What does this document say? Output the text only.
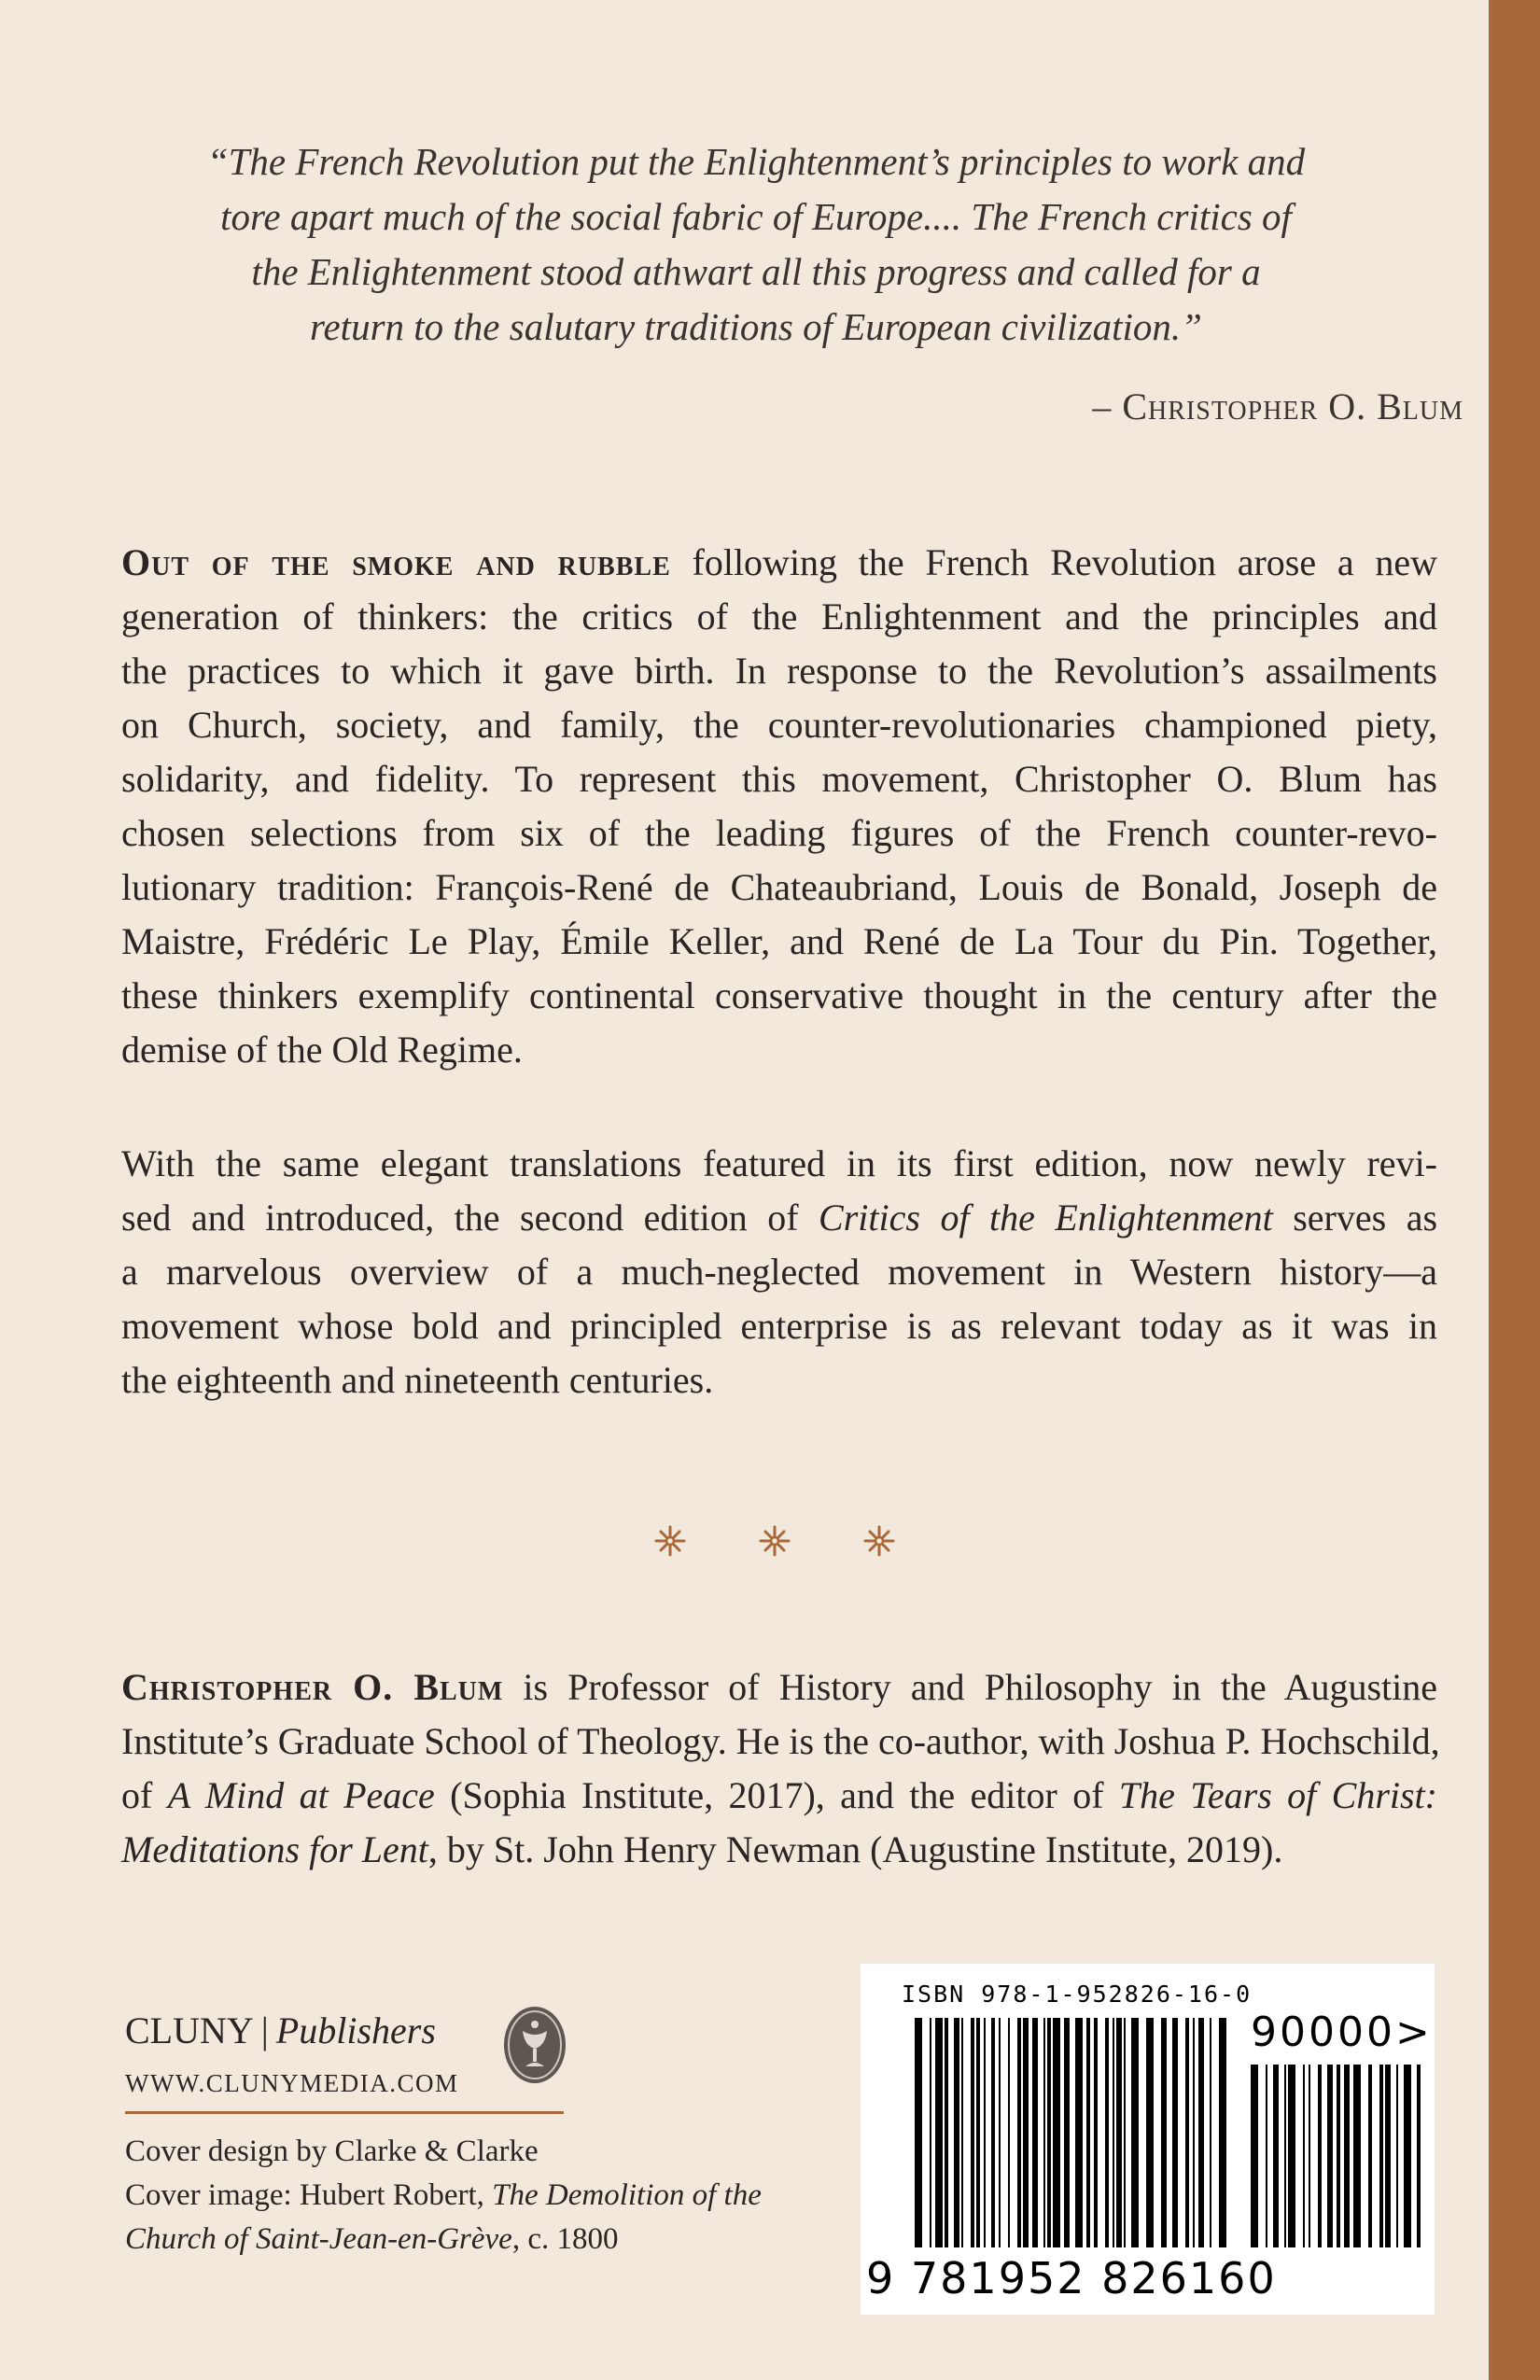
“The French Revolution put the Enlightenment’s principles to work and
tore apart much of the social fabric of Europe.... The French critics of
the Enlightenment stood athwart all this progress and called for a
return to the salutary traditions of European civilization.”
– Christopher O. Blum
Out of the smoke and rubble following the French Revolution arose a new
generation of thinkers: the critics of the Enlightenment and the principles and
the practices to which it gave birth. In response to the Revolution’s assailments
on Church, society, and family, the counter-revolutionaries championed piety,
solidarity, and fidelity. To represent this movement, Christopher O. Blum has
chosen selections from six of the leading figures of the French counter-revo-
lutionary tradition: François-René de Chateaubriand, Louis de Bonald, Joseph de
Maistre, Frédéric Le Play, Émile Keller, and René de La Tour du Pin. Together,
these thinkers exemplify continental conservative thought in the century after the
demise of the Old Regime.
With the same elegant translations featured in its first edition, now newly revi-
sed and introduced, the second edition of Critics of the Enlightenment serves as
a marvelous overview of a much-neglected movement in Western history—a
movement whose bold and principled enterprise is as relevant today as it was in
the eighteenth and nineteenth centuries.
Christopher O. Blum is Professor of History and Philosophy in the Augustine
Institute’s Graduate School of Theology. He is the co-author, with Joshua P. Hochschild,
of A Mind at Peace (Sophia Institute, 2017), and the editor of The Tears of Christ:
Meditations for Lent, by St. John Henry Newman (Augustine Institute, 2019).
CLUNY | Publishers
WWW.CLUNYMEDIA.COM
Cover design by Clarke & Clarke
Cover image: Hubert Robert, The Demolition of the
Church of Saint-Jean-en-Grève, c. 1800
ISBN 978-1-952826-16-0
90000>
9 781952 826160
